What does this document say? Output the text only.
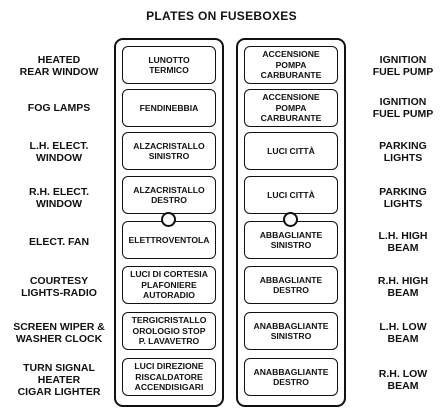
PLATES ON FUSEBOXES
HEATED
REAR WINDOW
FOG LAMPS
L.H. ELECT.
WINDOW
R.H. ELECT.
WINDOW
ELECT. FAN
COURTESY
LIGHTS-RADIO
SCREEN WIPER &
WASHER CLOCK
TURN SIGNAL
HEATER
CIGAR LIGHTER
LUNOTTO
TERMICO
FENDINEBBIA
ALZACRISTALLO
SINISTRO
ALZACRISTALLO
DESTRO
ELETTROVENTOLA
LUCI DI CORTESIA
PLAFONIERE
AUTORADIO
TERGICRISTALLO
OROLOGIO STOP
P. LAVAVETRO
LUCI DIREZIONE
RISCALDATORE
ACCENDISIGARI
ACCENSIONE
POMPA CARBURANTE
ACCENSIONE
POMPA CARBURANTE
LUCI CITTÀ
LUCI CITTÀ
ABBAGLIANTE
SINISTRO
ABBAGLIANTE
DESTRO
ANABBAGLIANTE
SINISTRO
ANABBAGLIANTE
DESTRO
IGNITION
FUEL PUMP
IGNITION
FUEL PUMP
PARKING
LIGHTS
PARKING
LIGHTS
L.H. HIGH
BEAM
R.H. HIGH
BEAM
L.H. LOW
BEAM
R.H. LOW
BEAM
